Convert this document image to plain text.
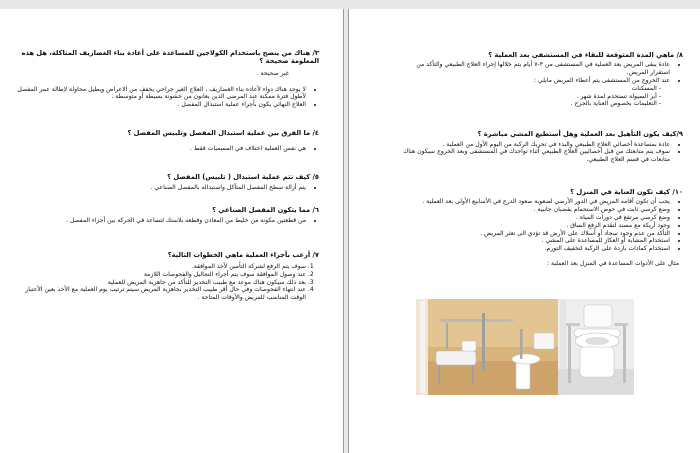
٣/ هناك من ينصح باستخدام الكولاجين للمساعدة على أعادة بناء الغضاريف المتاكلة، هل هذه المعلومة صحيحة ؟

غير صحيحة .

• لا يوجد هناك دواء لأعاده بناء الغضاريف ، العلاج الغير جراحي يخفف من الاعراض ويطيل محاولة لإطالة عمر المفصل لأطول فترة ممكنة عند المرضى الذين يعانون من خشونة بسيطة أو متوسطة .
• العلاج النهائي يكون بأجراء عملية استبدال المفصل .
٤/ ما الفرق بين عملية استبدال المفصل وتلبيس المفصل ؟
• هي نفس العملية اختلاف في المسميات فقط .
٥/ كيف تتم عملية استبدال ( تلبيس) المفصل ؟
• يتم أزالة سطح المفصل المتآكل واستبداله بالمفصل الصناعي .
٦/ مما يتكون المفصل الصناعي ؟
• من قطعتين مكونة من خليط من المعادن وقطعه بلاستك لتساعد في الحركة بين أجزاء المفصل .
٧/ أرغب بأجراء العملية ماهي الخطوات التالية؟
1. سوف يتم الرفع لشركة التأمين لأخذ الموافقة.
2. عند وصول الموافقة سوف يتم أجراء التحاليل والفحوصات اللازمة
3. بعد ذلك سيكون هناك موعد مع طبيب التخدير للتأكد من جاهزية المريض للعملية
4. عند انتهاء الفحوصات وفي حال أقر طبيب التخدير بجاهزية المريض سيتم ترتيب يوم العملية مع الأخذ بعين الأعتبار الوقت المناسب للمريض والأوقات المتاحة .
٨/ ماهي المدة المتوقعة للبقاء في المستشفى بعد العملية ؟
• عادة يبقى المريض بعد العملية في المستشفى من ٣-٧ أيام يتم خلالها إجراء العلاج الطبيعي والتأكد من استقرار المريض.
• عند الخروج من المستشفى يتم أعطاء المريض مايلي :
- المسكنات
- أبر السيولة تستخدم لمدة شهر .
- التعليمات بخصوص العناية بالجرح .
٩/كيف يكون التأهيل بعد العملية وهل أستطيع المشي مباشرة ؟
• عادة بمساعدة أخصائي العلاج الطبيعي والبدء في تحريك الركبة من اليوم الأول من العملية .
• سوف يتم متابعتك من قبل أخصائيين العلاج الطبيعي أثناء تواجدك في المستشفى وبعد الخروج سيكون هناك متابعات في قسم العلاج الطبيعي.
١٠/ كيف تكون العناية في المنزل ؟
• يجب أن تكون أقامه المريض في الدور الأرضي لصعوبة صعود الدرج في الأسابيع الأولى بعد العملية .
• وضع كرسي ثابت في حوض الاستحمام بقضبان جانبية .
• وضع كرسي مرتفع في دورات المياه .
• وجود أريكة مع مسند لتقدم الرفع الساق .
• التأكد من عدم وجود سجاد أو أسلاك على الأرض قد تؤدي الى تعثر المريض .
• استخدام المشاية أو العكاز للمساعدة على المشي .
• استخدام كمادات باردة على الركبة لتخفيف التورم.

مثال على الأدوات المساعدة في المنزل بعد العملية :
